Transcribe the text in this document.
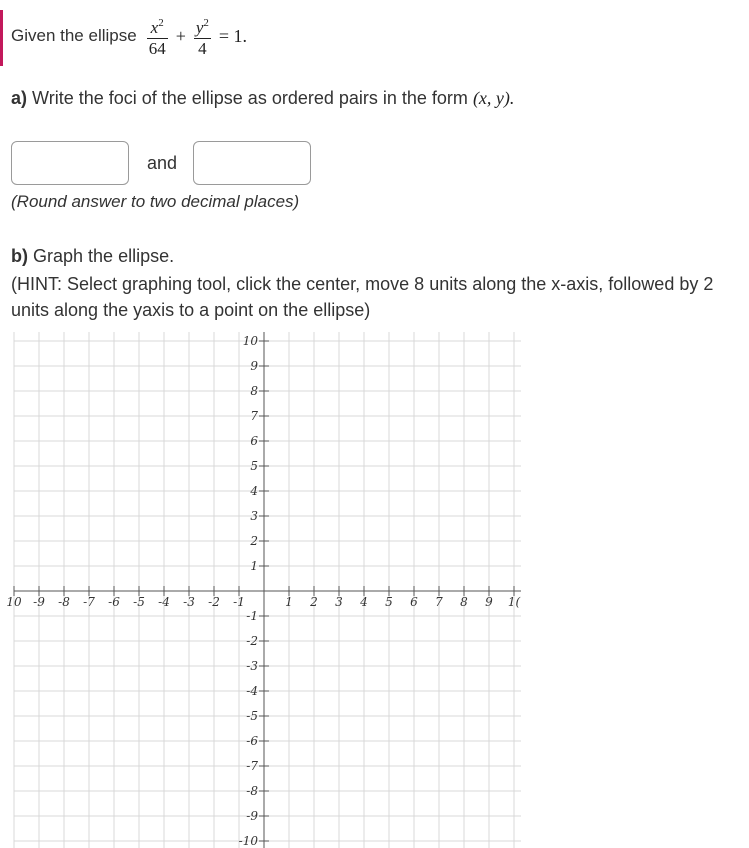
Given the ellipse $\frac{x^2}{64} + \frac{y^2}{4} = 1$.
a) Write the foci of the ellipse as ordered pairs in the form (x, y).
and
(Round answer to two decimal places)
b) Graph the ellipse.
(HINT: Select graphing tool, click the center, move 8 units along the x-axis, followed by 2 units along the yaxis to a point on the ellipse)
10 -9 -8 -7 -6 -5 -4 -3 -2 -1	1 2 3 4 5 6 7 8 9 1(
10
9
8
7
6
5
4
3
2
1
-1
-2
-3
-4
-5
-6
-7
-8
-9
-10
